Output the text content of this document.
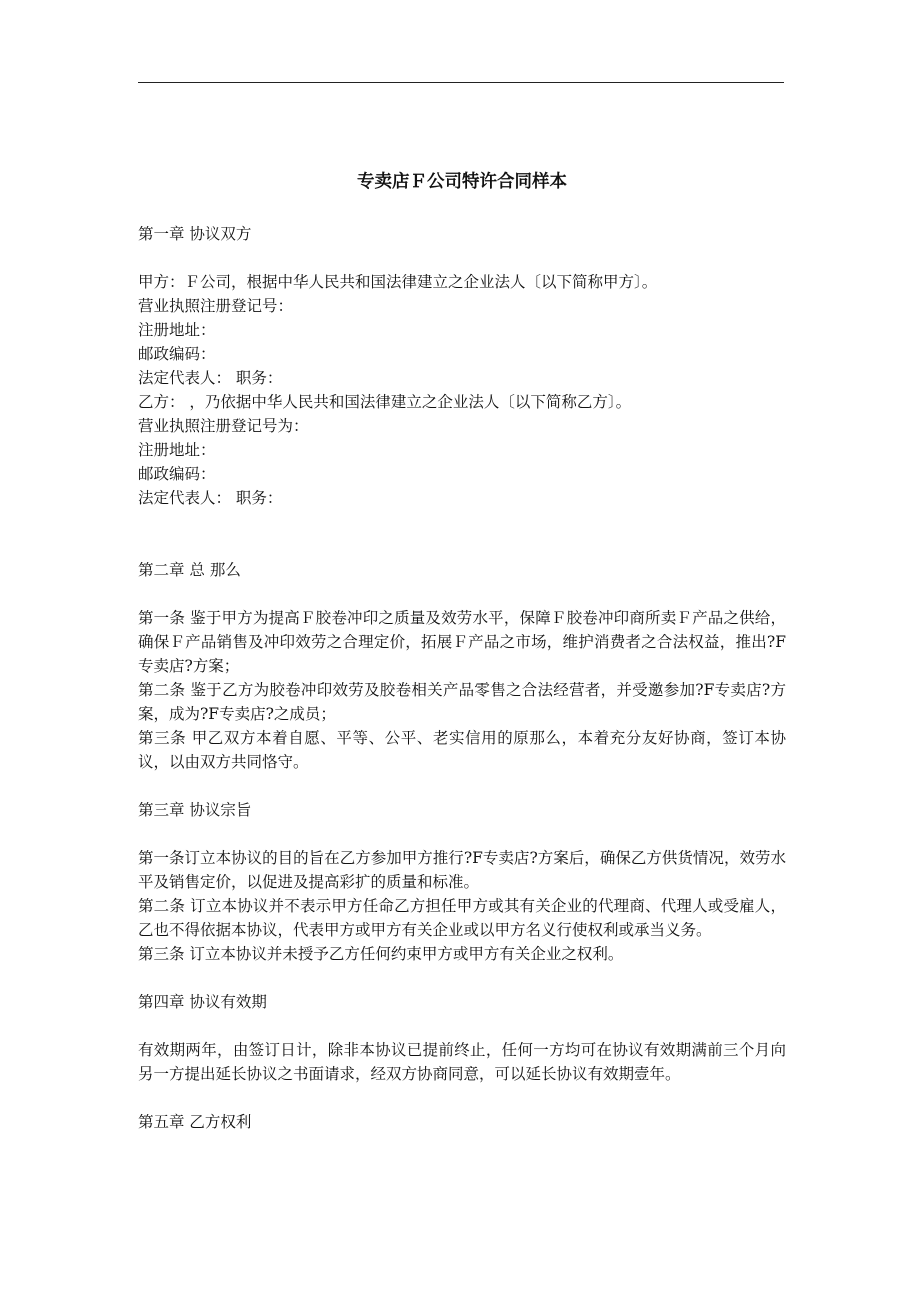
专卖店Ｆ公司特许合同样本
第一章 协议双方
甲方：Ｆ公司，根据中华人民共和国法律建立之企业法人〔以下简称甲方〕。
营业执照注册登记号：
注册地址：
邮政编码：
法定代表人： 职务：
乙方： ，乃依据中华人民共和国法律建立之企业法人〔以下简称乙方〕。
营业执照注册登记号为：
注册地址：
邮政编码：
法定代表人： 职务：
第二章 总 那么
第一条 鉴于甲方为提高Ｆ胶卷冲印之质量及效劳水平，保障Ｆ胶卷冲印商所卖Ｆ产品之供给，确保Ｆ产品销售及冲印效劳之合理定价，拓展Ｆ产品之市场，维护消费者之合法权益，推出?F专卖店?方案；
第二条 鉴于乙方为胶卷冲印效劳及胶卷相关产品零售之合法经营者，并受邀参加?F专卖店?方案，成为?F专卖店?之成员；
第三条 甲乙双方本着自愿、平等、公平、老实信用的原那么，本着充分友好协商，签订本协议，以由双方共同恪守。
第三章 协议宗旨
第一条订立本协议的目的旨在乙方参加甲方推行?F专卖店?方案后，确保乙方供货情况，效劳水平及销售定价，以促进及提高彩扩的质量和标准。
第二条 订立本协议并不表示甲方任命乙方担任甲方或其有关企业的代理商、代理人或受雇人，乙也不得依据本协议，代表甲方或甲方有关企业或以甲方名义行使权利或承当义务。
第三条 订立本协议并未授予乙方任何约束甲方或甲方有关企业之权利。
第四章 协议有效期
有效期两年，由签订日计，除非本协议已提前终止，任何一方均可在协议有效期满前三个月向另一方提出延长协议之书面请求，经双方协商同意，可以延长协议有效期壹年。
第五章 乙方权利
